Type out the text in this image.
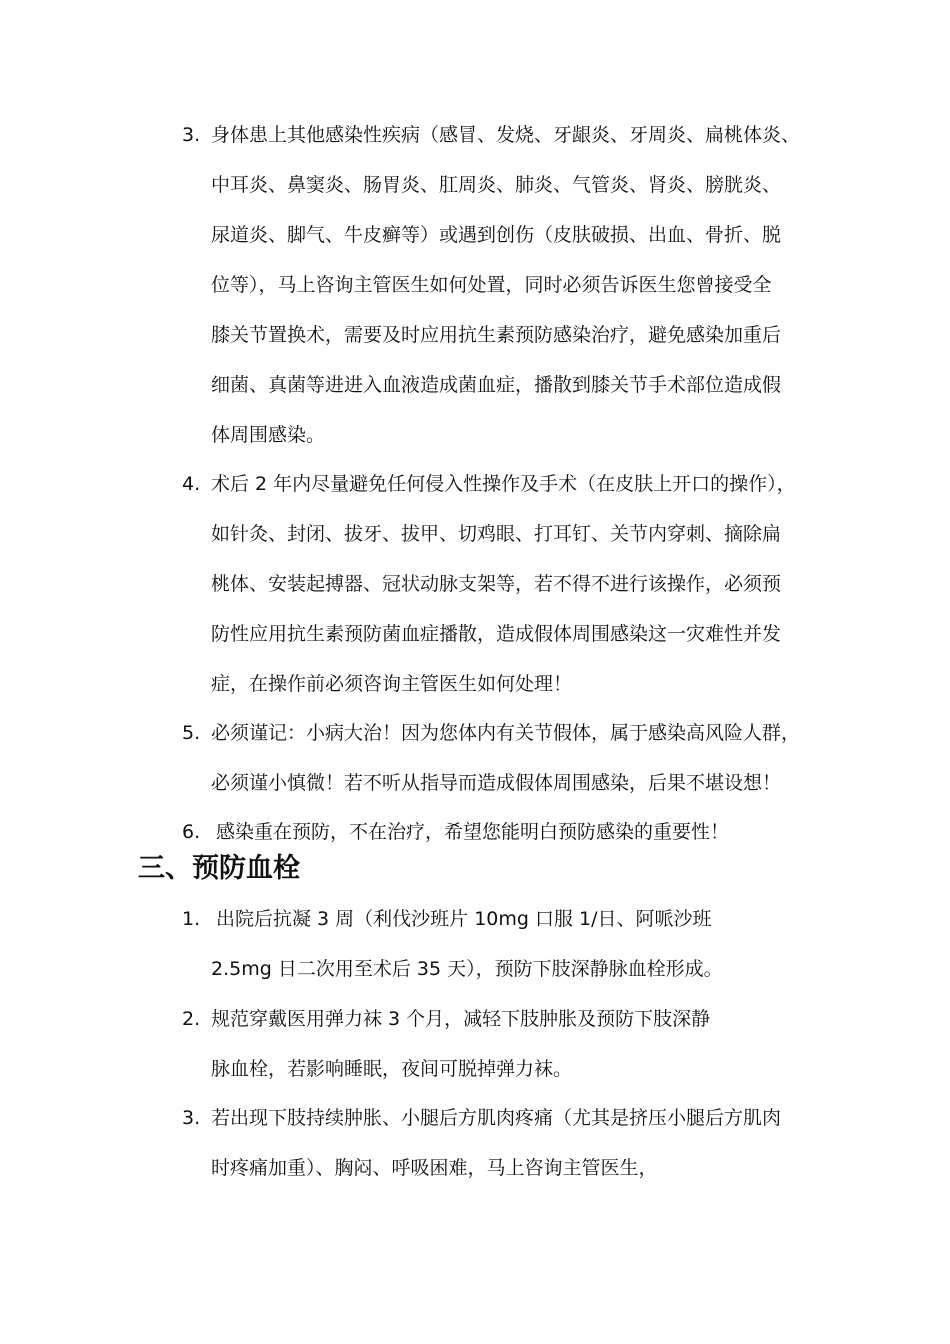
3. 身体患上其他感染性疾病（感冒、发烧、牙龈炎、牙周炎、扁桃体炎、
中耳炎、鼻窦炎、肠胃炎、肛周炎、肺炎、气管炎、肾炎、膀胱炎、
尿道炎、脚气、牛皮癣等）或遇到创伤（皮肤破损、出血、骨折、脱
位等），马上咨询主管医生如何处置，同时必须告诉医生您曾接受全
膝关节置换术，需要及时应用抗生素预防感染治疗，避免感染加重后
细菌、真菌等进进入血液造成菌血症，播散到膝关节手术部位造成假
体周围感染。
4. 术后 2 年内尽量避免任何侵入性操作及手术（在皮肤上开口的操作），
如针灸、封闭、拔牙、拔甲、切鸡眼、打耳钉、关节内穿刺、摘除扁
桃体、安装起搏器、冠状动脉支架等，若不得不进行该操作，必须预
防性应用抗生素预防菌血症播散，造成假体周围感染这一灾难性并发
症，在操作前必须咨询主管医生如何处理！
5. 必须谨记：小病大治！因为您体内有关节假体，属于感染高风险人群，
必须谨小慎微！若不听从指导而造成假体周围感染，后果不堪设想！
6. 感染重在预防，不在治疗，希望您能明白预防感染的重要性！
三、预防血栓
1. 出院后抗凝 3 周（利伐沙班片 10mg 口服 1/日、阿哌沙班
2.5mg 日二次用至术后 35 天），预防下肢深静脉血栓形成。
2. 规范穿戴医用弹力袜 3 个月，减轻下肢肿胀及预防下肢深静
脉血栓，若影响睡眠，夜间可脱掉弹力袜。
3. 若出现下肢持续肿胀、小腿后方肌肉疼痛（尤其是挤压小腿后方肌肉
时疼痛加重）、胸闷、呼吸困难，马上咨询主管医生，
